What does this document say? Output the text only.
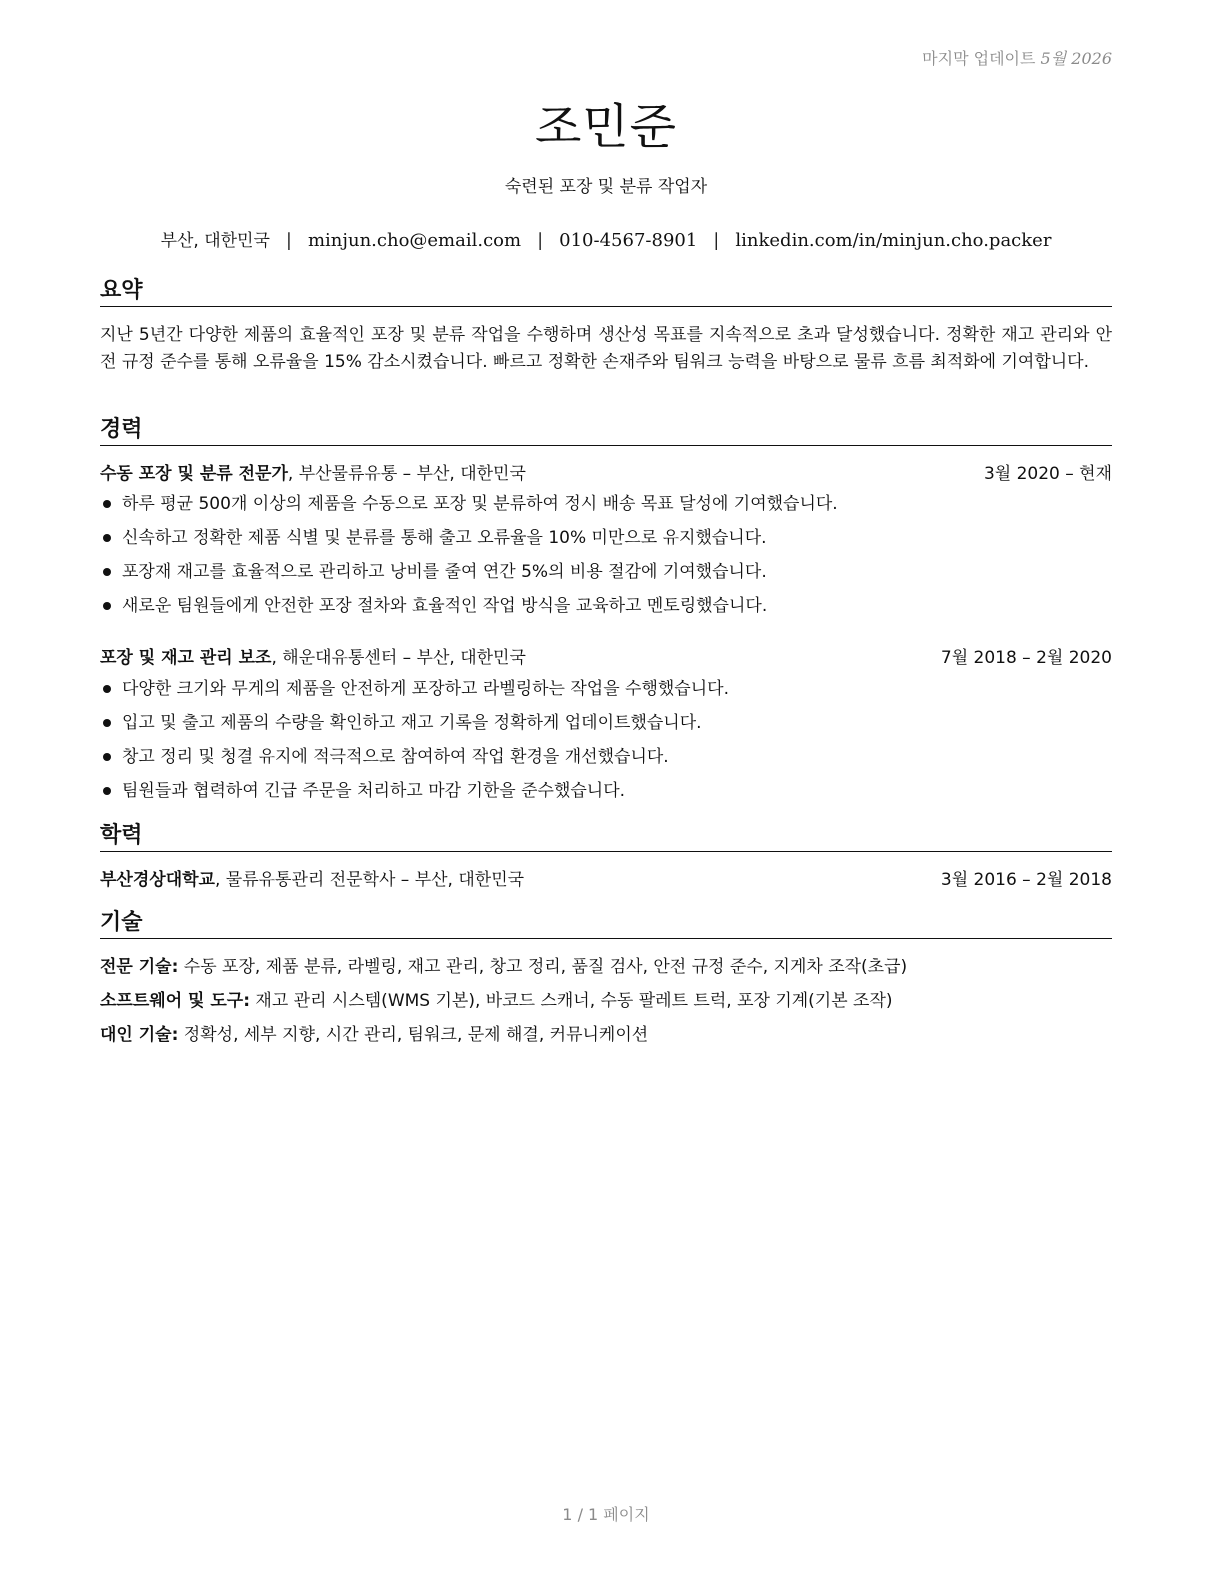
마지막 업데이트 5월 2026
조민준
숙련된 포장 및 분류 작업자
부산, 대한민국 | minjun.cho@email.com | 010-4567-8901 | linkedin.com/in/minjun.cho.packer
요약
지난 5년간 다양한 제품의 효율적인 포장 및 분류 작업을 수행하며 생산성 목표를 지속적으로 초과 달성했습니다. 정확한 재고 관리와 안전 규정 준수를 통해 오류율을 15% 감소시켰습니다. 빠르고 정확한 손재주와 팀워크 능력을 바탕으로 물류 흐름 최적화에 기여합니다.
경력
수동 포장 및 분류 전문가, 부산물류유통 – 부산, 대한민국	3월 2020 – 현재
하루 평균 500개 이상의 제품을 수동으로 포장 및 분류하여 정시 배송 목표 달성에 기여했습니다.
신속하고 정확한 제품 식별 및 분류를 통해 출고 오류율을 10% 미만으로 유지했습니다.
포장재 재고를 효율적으로 관리하고 낭비를 줄여 연간 5%의 비용 절감에 기여했습니다.
새로운 팀원들에게 안전한 포장 절차와 효율적인 작업 방식을 교육하고 멘토링했습니다.
포장 및 재고 관리 보조, 해운대유통센터 – 부산, 대한민국	7월 2018 – 2월 2020
다양한 크기와 무게의 제품을 안전하게 포장하고 라벨링하는 작업을 수행했습니다.
입고 및 출고 제품의 수량을 확인하고 재고 기록을 정확하게 업데이트했습니다.
창고 정리 및 청결 유지에 적극적으로 참여하여 작업 환경을 개선했습니다.
팀원들과 협력하여 긴급 주문을 처리하고 마감 기한을 준수했습니다.
학력
부산경상대학교, 물류유통관리 전문학사 – 부산, 대한민국	3월 2016 – 2월 2018
기술
전문 기술: 수동 포장, 제품 분류, 라벨링, 재고 관리, 창고 정리, 품질 검사, 안전 규정 준수, 지게차 조작(초급)
소프트웨어 및 도구: 재고 관리 시스템(WMS 기본), 바코드 스캐너, 수동 팔레트 트럭, 포장 기계(기본 조작)
대인 기술: 정확성, 세부 지향, 시간 관리, 팀워크, 문제 해결, 커뮤니케이션
1 / 1 페이지
